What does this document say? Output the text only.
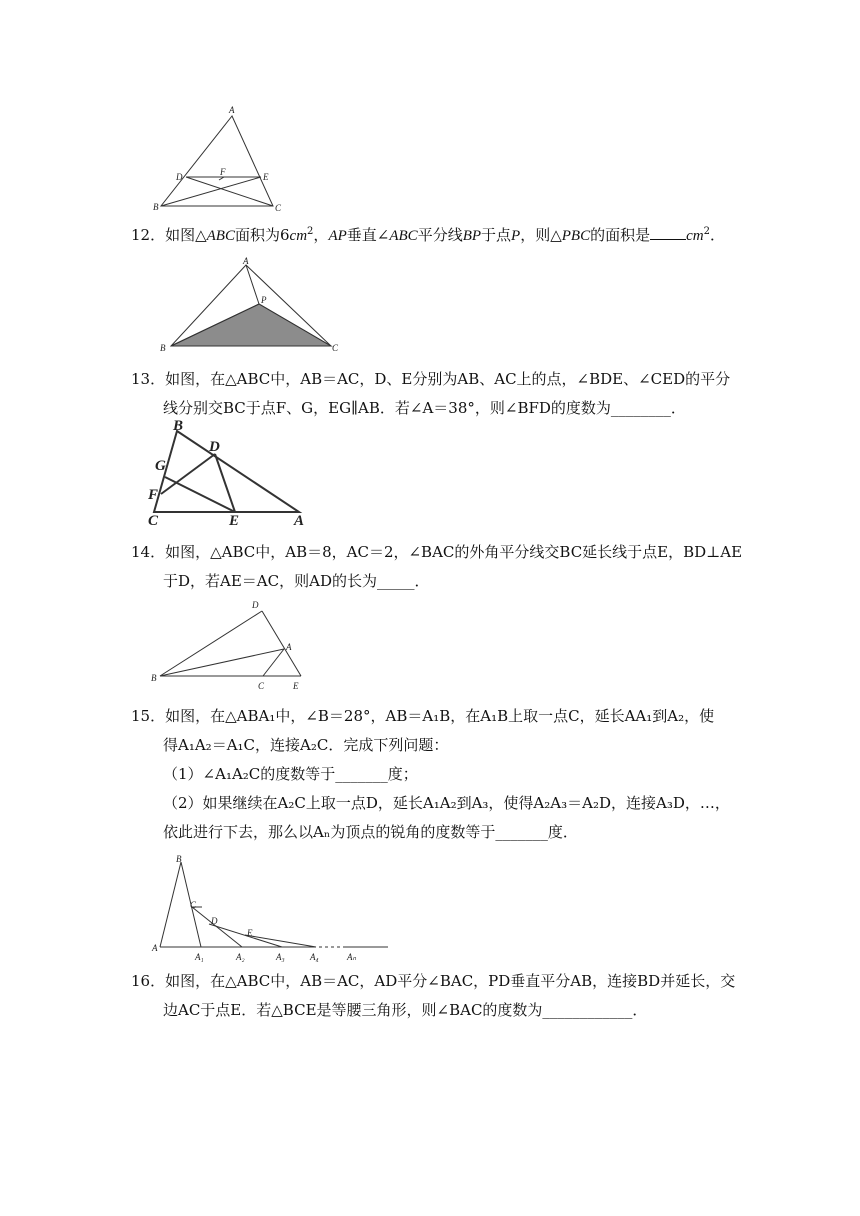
A
D	F	E
B	C
12．如图△ABC面积为$6cm^2$，AP垂直∠ABC平分线BP于点P，则△PBC的面积是 $cm^2$．
A
P
B	C
13．如图，在△ABC中，AB＝AC，D、E分别为AB、AC上的点，∠BDE、∠CED的平分
线分别交BC于点F、G，EG∥AB．若∠A＝38°，则∠BFD的度数为________．
B
D
G
F
C	E	A
14．如图，△ABC中，AB＝8，AC＝2，∠BAC的外角平分线交BC延长线于点E，BD⊥AE
于D，若AE＝AC，则AD的长为_____．
D
A
B
C	E
15．如图，在△ABA₁中，∠B＝28°，AB＝A₁B，在A₁B上取一点C，延长AA₁到A₂，使
得A₁A₂＝A₁C，连接A₂C．完成下列问题：
（1）∠A₁A₂C的度数等于_______度；
（2）如果继续在A₂C上取一点D，延长A₁A₂到A₃，使得A₂A₃＝A₂D，连接A₃D，…，
依此进行下去，那么以Aₙ为顶点的锐角的度数等于_______度．
B
C
D
E
A
A₁	A₂	A₃	A₄	Aₙ
16．如图，在△ABC中，AB＝AC，AD平分∠BAC，PD垂直平分AB，连接BD并延长，交
边AC于点E．若△BCE是等腰三角形，则∠BAC的度数为____________．
